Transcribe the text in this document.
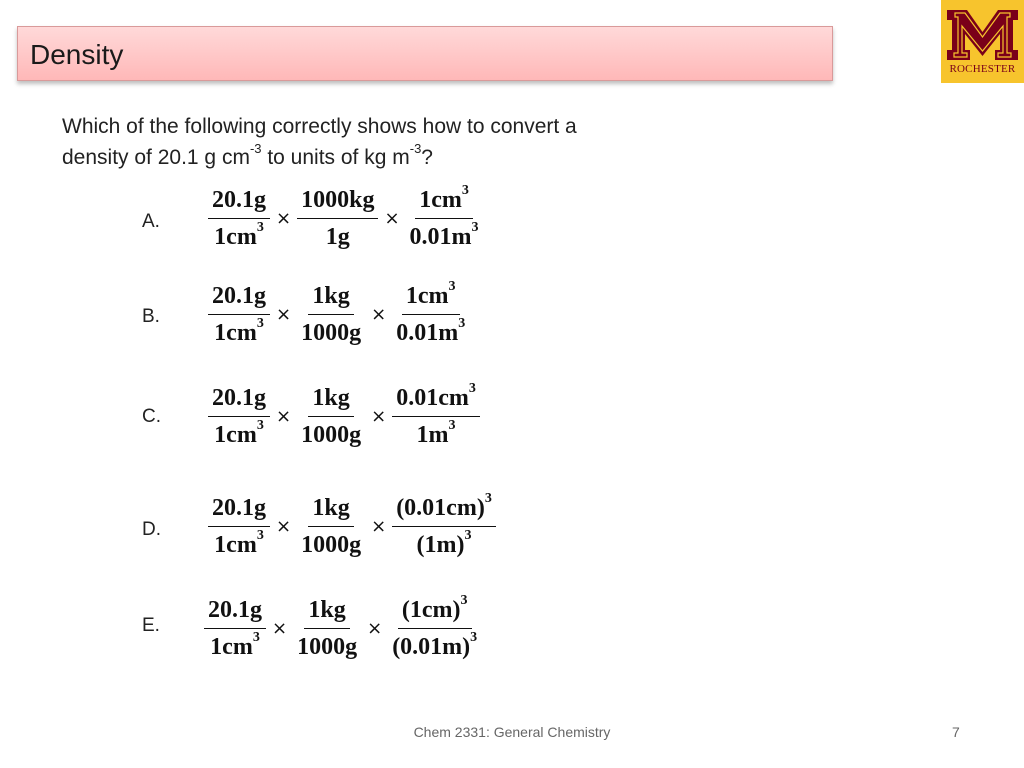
Density	ROCHESTER
Which of the following correctly shows how to convert a
density of 20.1 g $cm^{-3}$ to units of kg $m^{-3}$?
A. $\frac{20.1g}{1cm^3} \times \frac{1000kg}{1g} \times \frac{1cm^3}{0.01m^3}$
B. $\frac{20.1g}{1cm^3} \times \frac{1kg}{1000g} \times \frac{1cm^3}{0.01m^3}$
C. $\frac{20.1g}{1cm^3} \times \frac{1kg}{1000g} \times \frac{0.01cm^3}{1m^3}$
D. $\frac{20.1g}{1cm^3} \times \frac{1kg}{1000g} \times \frac{(0.01cm)^3}{(1m)^3}$
E. $\frac{20.1g}{1cm^3} \times \frac{1kg}{1000g} \times \frac{(1cm)^3}{(0.01m)^3}$
Chem 2331: General Chemistry	7
